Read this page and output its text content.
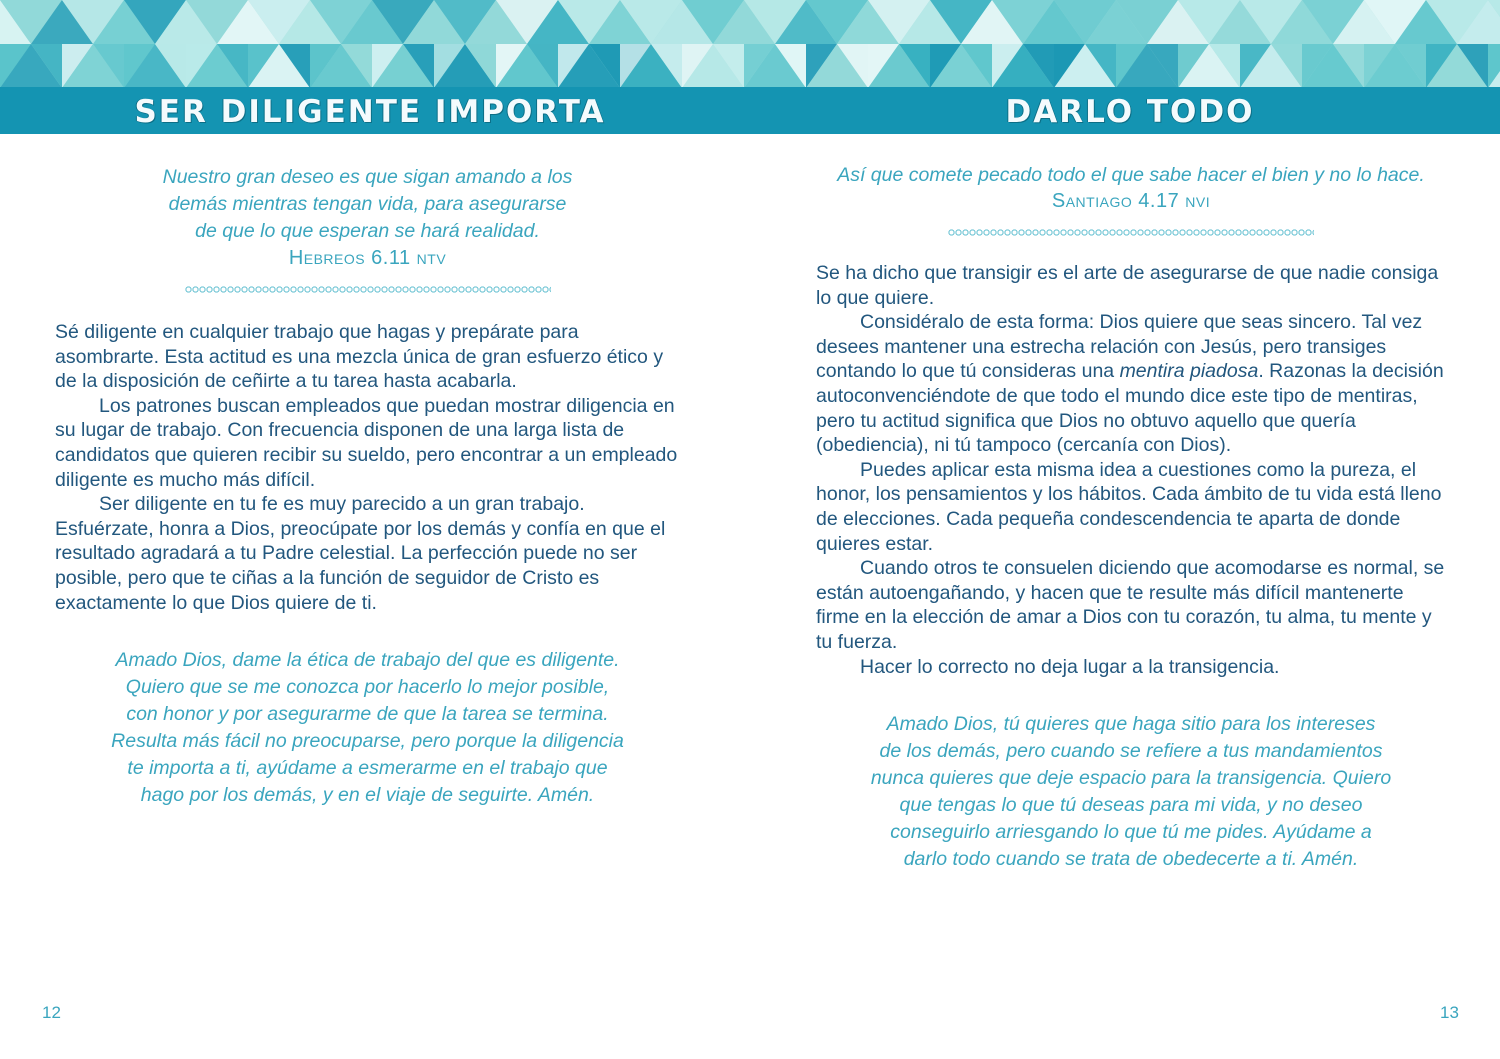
SER DILIGENTE IMPORTA	DARLO TODO

Nuestro gran deseo es que sigan amando a los

demás mientras tengan vida, para asegurarse

de que lo que esperan se hará realidad.

Hebreos 6.11 ntv

Sé diligente en cualquier trabajo que hagas y prepárate para asombrarte. Esta actitud es una mezcla única de gran esfuerzo ético y de la disposición de ceñirte a tu tarea hasta acabarla.

Los patrones buscan empleados que puedan mostrar diligencia en su lugar de trabajo. Con frecuencia disponen de una larga lista de candidatos que quieren recibir su sueldo, pero encontrar a un empleado diligente es mucho más difícil.

Ser diligente en tu fe es muy parecido a un gran trabajo. Esfuérzate, honra a Dios, preocúpate por los demás y confía en que el resultado agradará a tu Padre celestial. La perfección puede no ser posible, pero que te ciñas a la función de seguidor de Cristo es exactamente lo que Dios quiere de ti.

Amado Dios, dame la ética de trabajo del que es diligente.

Quiero que se me conozca por hacerlo lo mejor posible,

con honor y por asegurarme de que la tarea se termina.

Resulta más fácil no preocuparse, pero porque la diligencia

te importa a ti, ayúdame a esmerarme en el trabajo que

hago por los demás, y en el viaje de seguirte. Amén.

Así que comete pecado todo el que sabe hacer el bien y no lo hace.

Santiago 4.17 nvi

Se ha dicho que transigir es el arte de asegurarse de que nadie consiga lo que quiere.

Considéralo de esta forma: Dios quiere que seas sincero. Tal vez desees mantener una estrecha relación con Jesús, pero transiges contando lo que tú consideras una mentira piadosa. Razonas la decisión autoconvenciéndote de que todo el mundo dice este tipo de mentiras, pero tu actitud significa que Dios no obtuvo aquello que quería (obediencia), ni tú tampoco (cercanía con Dios).

Puedes aplicar esta misma idea a cuestiones como la pureza, el honor, los pensamientos y los hábitos. Cada ámbito de tu vida está lleno de elecciones. Cada pequeña condescendencia te aparta de donde quieres estar.

Cuando otros te consuelen diciendo que acomodarse es normal, se están autoengañando, y hacen que te resulte más difícil mantenerte firme en la elección de amar a Dios con tu corazón, tu alma, tu mente y tu fuerza.

Hacer lo correcto no deja lugar a la transigencia.

Amado Dios, tú quieres que haga sitio para los intereses

de los demás, pero cuando se refiere a tus mandamientos

nunca quieres que deje espacio para la transigencia. Quiero

que tengas lo que tú deseas para mi vida, y no deseo

conseguirlo arriesgando lo que tú me pides. Ayúdame a

darlo todo cuando se trata de obedecerte a ti. Amén.

12	13
